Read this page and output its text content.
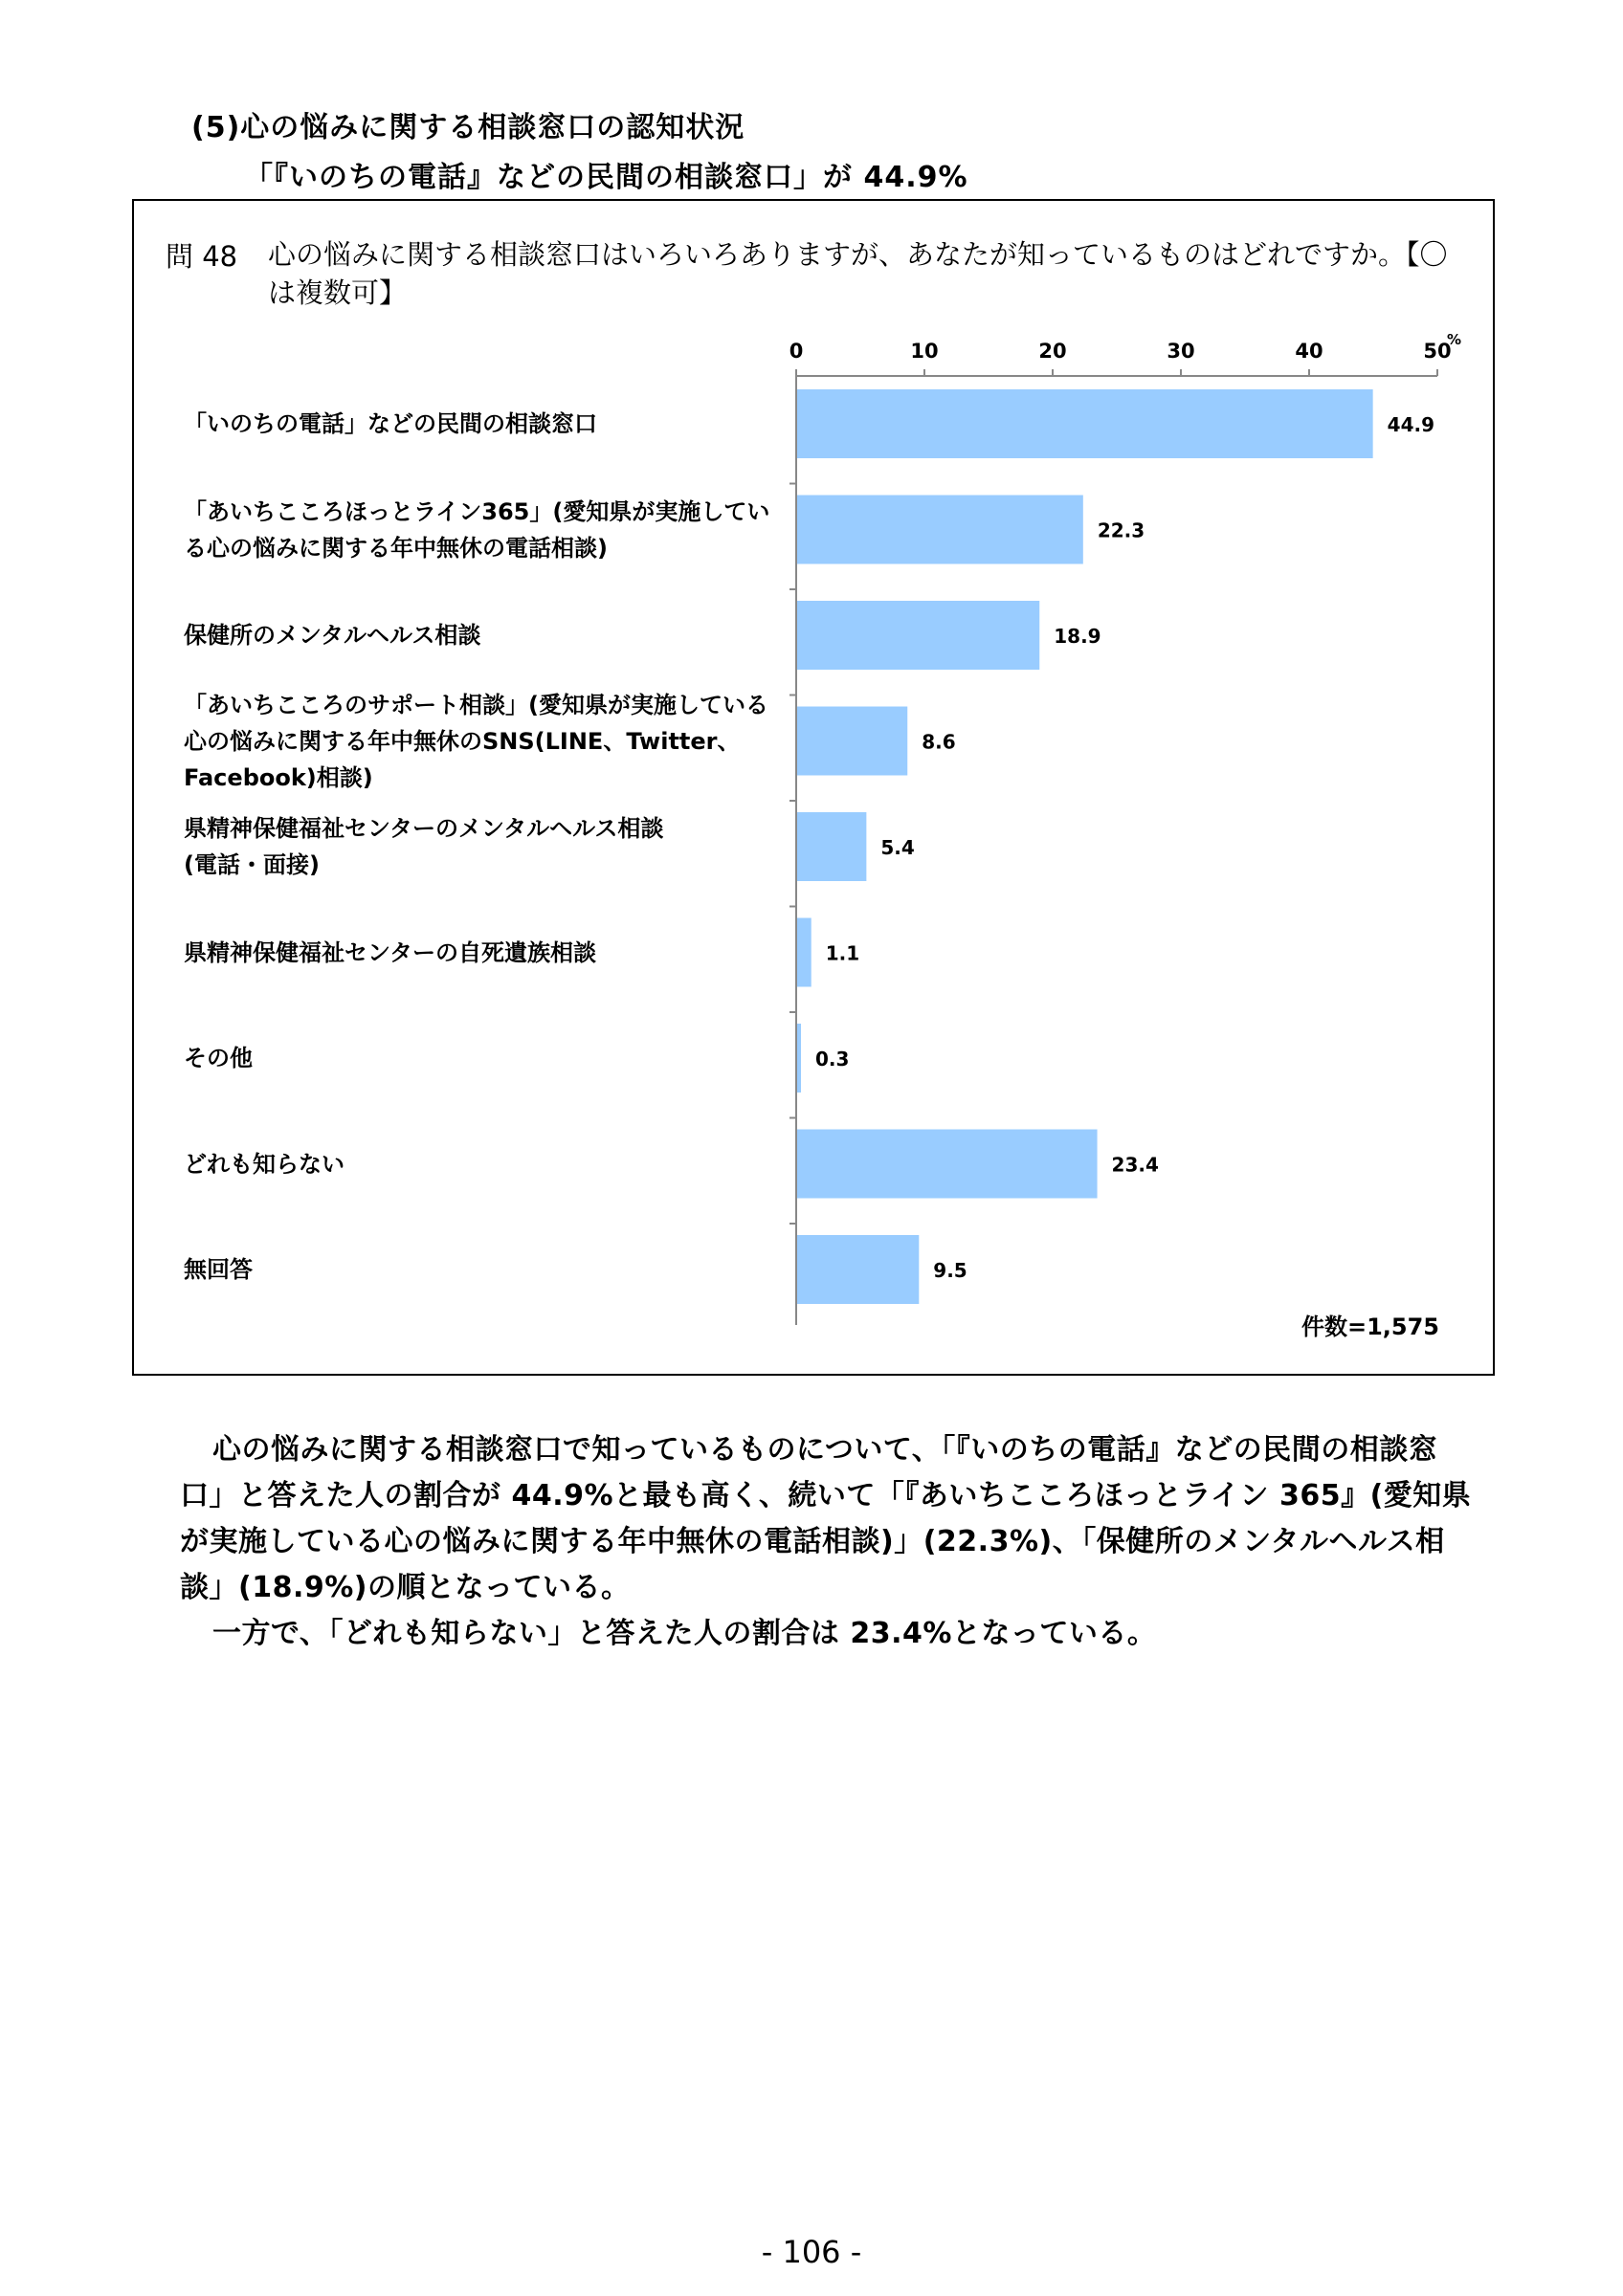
(5)心の悩みに関する相談窓口の認知状況
「『いのちの電話』などの民間の相談窓口」が 44.9%
問 48 心の悩みに関する相談窓口はいろいろありますが、あなたが知っているものはどれですか。【〇は複数可】
「いのちの電話」などの民間の相談窓口
「あいちこころほっとライン365」(愛知県が実施してい
る心の悩みに関する年中無休の電話相談)
保健所のメンタルヘルス相談
「あいちこころのサポート相談」(愛知県が実施している
心の悩みに関する年中無休のSNS(LINE、Twitter、
Facebook)相談)
県精神保健福祉センターのメンタルヘルス相談
(電話・面接)
県精神保健福祉センターの自死遺族相談
その他
どれも知らない
無回答
0	10	20	30	40	50
%
44.9
22.3
18.9
8.6
5.4
1.1
0.3
23.4
9.5
件数=1,575

心の悩みに関する相談窓口で知っているものについて、「『いのちの電話』などの民間の相談窓口」と答えた人の割合が 44.9%と最も高く、続いて「『あいちこころほっとライン 365』(愛知県が実施している心の悩みに関する年中無休の電話相談)」(22.3%)、「保健所のメンタルヘルス相談」(18.9%)の順となっている。

一方で、「どれも知らない」と答えた人の割合は 23.4%となっている。

- 106 -
